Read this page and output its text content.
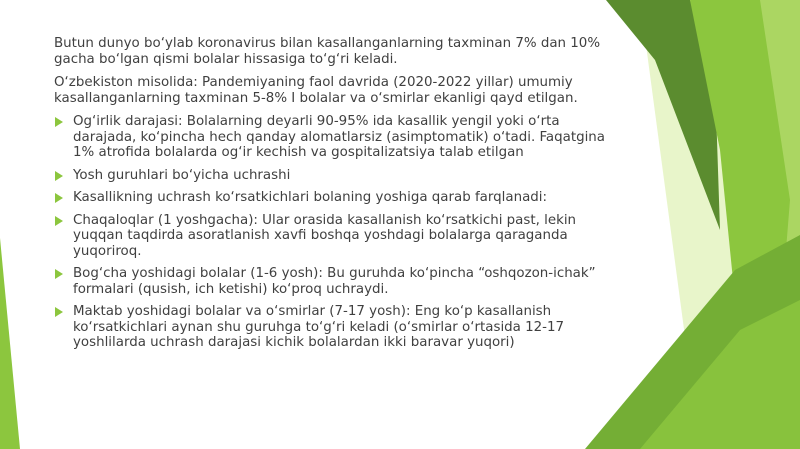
Butun dunyo bo‘ylab koronavirus bilan kasallanganlarning taxminan 7% dan 10% gacha bo‘lgan qismi bolalar hissasiga to‘g‘ri keladi.

O‘zbekiston misolida: Pandemiyaning faol davrida (2020-2022 yillar) umumiy kasallanganlarning taxminan 5-8% I bolalar va o‘smirlar ekanligi qayd etilgan.

Og‘irlik darajasi: Bolalarning deyarli 90-95% ida kasallik yengil yoki o‘rta darajada, ko‘pincha hech qanday alomatlarsiz (asimptomatik) o‘tadi. Faqatgina 1% atrofida bolalarda og‘ir kechish va gospitalizatsiya talab etilgan
Yosh guruhlari bo‘yicha uchrashi
Kasallikning uchrash ko‘rsatkichlari bolaning yoshiga qarab farqlanadi:
Chaqaloqlar (1 yoshgacha): Ular orasida kasallanish ko‘rsatkichi past, lekin yuqqan taqdirda asoratlanish xavfi boshqa yoshdagi bolalarga qaraganda yuqoriroq.
Bog‘cha yoshidagi bolalar (1-6 yosh): Bu guruhda ko‘pincha “oshqozon-ichak” formalari (qusish, ich ketishi) ko‘proq uchraydi.
Maktab yoshidagi bolalar va o‘smirlar (7-17 yosh): Eng ko‘p kasallanish ko‘rsatkichlari aynan shu guruhga to‘g‘ri keladi (o‘smirlar o‘rtasida 12-17 yoshlilarda uchrash darajasi kichik bolalardan ikki baravar yuqori)
